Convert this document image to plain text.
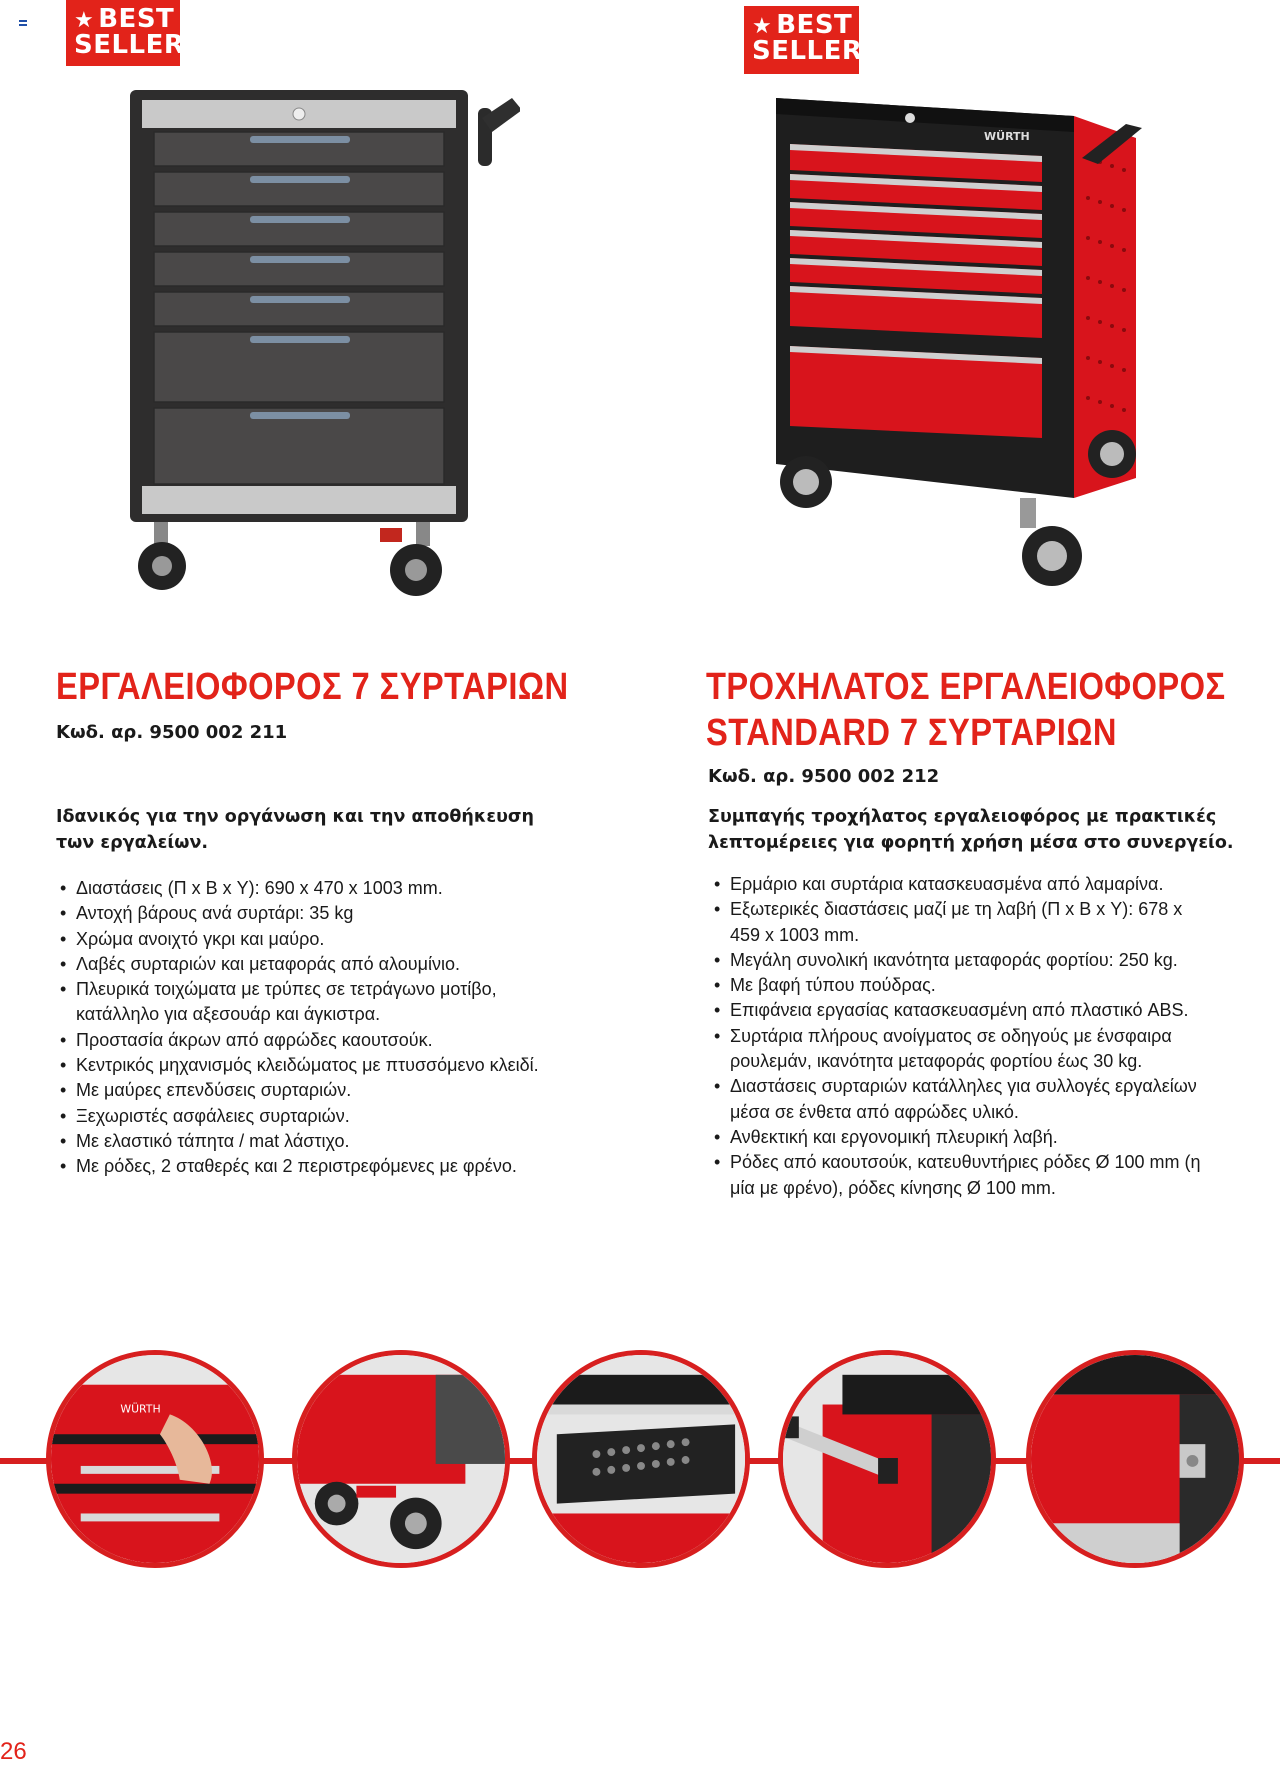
★ BEST
SELLER
★ BEST
SELLER
WÜRTH
ΕΡΓΑΛΕΙΟΦΟΡΟΣ 7 ΣΥΡΤΑΡΙΩΝ
Κωδ. αρ. 9500 002 211
Ιδανικός για την οργάνωση και την αποθήκευση των εργαλείων.
• Διαστάσεις (Π x Β x Υ): 690 x 470 x 1003 mm.
• Αντοχή βάρους ανά συρτάρι: 35 kg
• Χρώμα ανοιχτό γκρι και μαύρο.
• Λαβές συρταριών και μεταφοράς από αλουμίνιο.
• Πλευρικά τοιχώματα με τρύπες σε τετράγωνο μοτίβο, κατάλληλο για αξεσουάρ και άγκιστρα.
• Προστασία άκρων από αφρώδες καουτσούκ.
• Κεντρικός μηχανισμός κλειδώματος με πτυσσόμενο κλειδί.
• Με μαύρες επενδύσεις συρταριών.
• Ξεχωριστές ασφάλειες συρταριών.
• Με ελαστικό τάπητα / mat λάστιχο.
• Με ρόδες, 2 σταθερές και 2 περιστρεφόμενες με φρένο.
ΤΡΟΧΗΛΑΤΟΣ ΕΡΓΑΛΕΙΟΦΟΡΟΣ
STANDARD 7 ΣΥΡΤΑΡΙΩΝ
Κωδ. αρ. 9500 002 212
Συμπαγής τροχήλατος εργαλειοφόρος με πρακτικές λεπτομέρειες για φορητή χρήση μέσα στο συνεργείο.
• Ερμάριο και συρτάρια κατασκευασμένα από λαμαρίνα.
• Εξωτερικές διαστάσεις μαζί με τη λαβή (Π x Β x Υ): 678 x 459 x 1003 mm.
• Μεγάλη συνολική ικανότητα μεταφοράς φορτίου: 250 kg.
• Με βαφή τύπου πούδρας.
• Επιφάνεια εργασίας κατασκευασμένη από πλαστικό ABS.
• Συρτάρια πλήρους ανοίγματος σε οδηγούς με ένσφαιρα ρουλεμάν, ικανότητα μεταφοράς φορτίου έως 30 kg.
• Διαστάσεις συρταριών κατάλληλες για συλλογές εργαλείων μέσα σε ένθετα από αφρώδες υλικό.
• Ανθεκτική και εργονομική πλευρική λαβή.
• Ρόδες από καουτσούκ, κατευθυντήριες ρόδες Ø 100 mm (η μία με φρένο), ρόδες κίνησης Ø 100 mm.
WÜRTH
26
